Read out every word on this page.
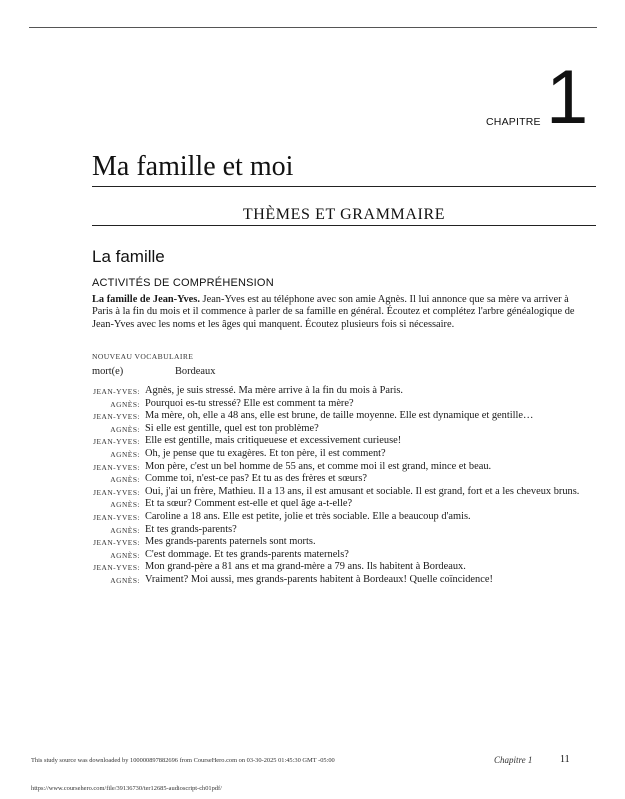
CHAPITRE 1
Ma famille et moi
THÈMES ET GRAMMAIRE
La famille
ACTIVITÉS DE COMPRÉHENSION
La famille de Jean-Yves. Jean-Yves est au téléphone avec son amie Agnès. Il lui annonce que sa mère va arriver à Paris à la fin du mois et il commence à parler de sa famille en général. Écoutez et complétez l'arbre généalogique de Jean-Yves avec les noms et les âges qui manquent. Écoutez plusieurs fois si nécessaire.
NOUVEAU VOCABULAIRE
mort(e)	Bordeaux
JEAN-YVES: Agnès, je suis stressé. Ma mère arrive à la fin du mois à Paris.
AGNÈS: Pourquoi es-tu stressé? Elle est comment ta mère?
JEAN-YVES: Ma mère, oh, elle a 48 ans, elle est brune, de taille moyenne. Elle est dynamique et gentille…
AGNÈS: Si elle est gentille, quel est ton problème?
JEAN-YVES: Elle est gentille, mais critiqueuese et excessivement curieuse!
AGNÈS: Oh, je pense que tu exagères. Et ton père, il est comment?
JEAN-YVES: Mon père, c'est un bel homme de 55 ans, et comme moi il est grand, mince et beau.
AGNÈS: Comme toi, n'est-ce pas? Et tu as des frères et sœurs?
JEAN-YVES: Oui, j'ai un frère, Mathieu. Il a 13 ans, il est amusant et sociable. Il est grand, fort et a les cheveux bruns.
AGNÈS: Et ta sœur? Comment est-elle et quel âge a-t-elle?
JEAN-YVES: Caroline a 18 ans. Elle est petite, jolie et très sociable. Elle a beaucoup d'amis.
AGNÈS: Et tes grands-parents?
JEAN-YVES: Mes grands-parents paternels sont morts.
AGNÈS: C'est dommage. Et tes grands-parents maternels?
JEAN-YVES: Mon grand-père a 81 ans et ma grand-mère a 79 ans. Ils habitent à Bordeaux.
AGNÈS: Vraiment? Moi aussi, mes grands-parents habitent à Bordeaux! Quelle coïncidence!
This study source was downloaded by 100000897882696 from CourseHero.com on 03-30-2025 01:45:30 GMT -05:00	Chapitre 1	11
https://www.coursehero.com/file/39136730/ter12685-audioscript-ch01pdf/
